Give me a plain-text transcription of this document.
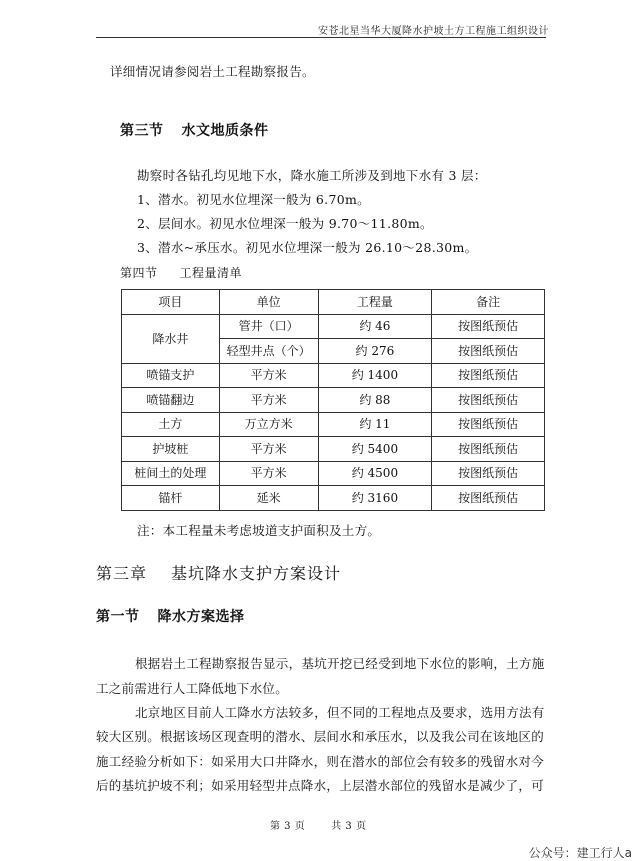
安苍北星当华大厦降水护坡土方工程施工组织设计
详细情况请参阅岩土工程勘察报告。
第三节 水文地质条件
勘察时各钻孔均见地下水，降水施工所涉及到地下水有 3 层：
1、潜水。初见水位埋深一般为 6.70m。
2、层间水。初见水位埋深一般为 9.70～11.80m。
3、潜水~承压水。初见水位埋深一般为 26.10～28.30m。
第四节 工程量清单
项目	单位	工程量	备注
降水井	管井（口）	约 46	按图纸预估
	轻型井点（个）	约 276	按图纸预估
喷锚支护	平方米	约 1400	按图纸预估
喷锚翻边	平方米	约 88	按图纸预估
土方	万立方米	约 11	按图纸预估
护坡桩	平方米	约 5400	按图纸预估
桩间土的处理	平方米	约 4500	按图纸预估
锚杆	延米	约 3160	按图纸预估
注：本工程量未考虑坡道支护面积及土方。
第三章 基坑降水支护方案设计
第一节 降水方案选择
根据岩土工程勘察报告显示，基坑开挖已经受到地下水位的影响，土方施
工之前需进行人工降低地下水位。
北京地区目前人工降水方法较多，但不同的工程地点及要求，选用方法有
较大区别。根据该场区现查明的潜水、层间水和承压水，以及我公司在该地区的
施工经验分析如下：如采用大口井降水，则在潜水的部位会有较多的残留水对今
后的基坑护坡不利；如采用轻型井点降水，上层潜水部位的残留水是减少了，可
第 3 页	共 3 页
公众号：建工行人a
